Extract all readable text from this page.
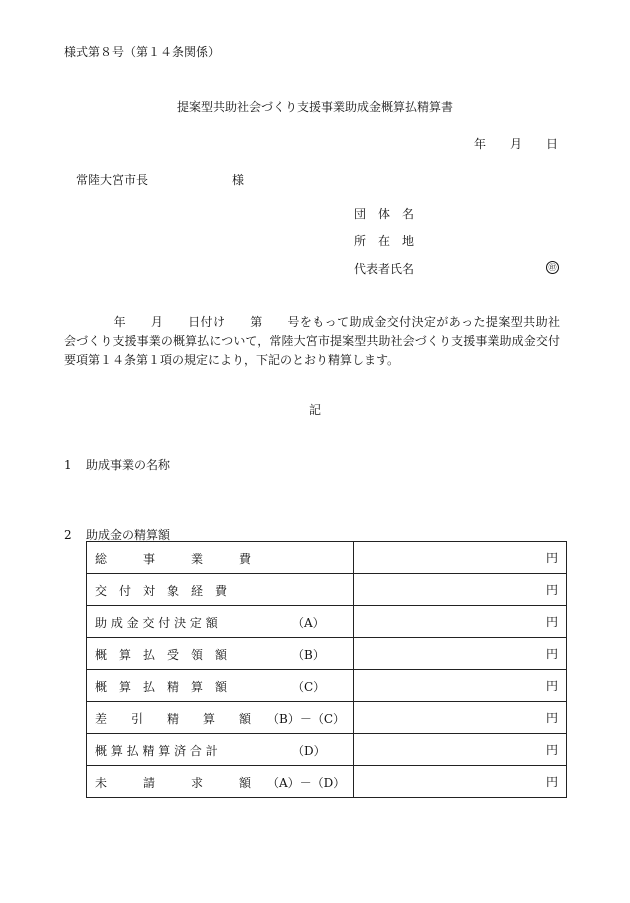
様式第８号（第１４条関係）
提案型共助社会づくり支援事業助成金概算払精算書
年 月 日
常陸大宮市長	様
団　体　名
所　在　地
代表者氏名	㊞

　　　　年　　月　　日付け　　第　　号をもって助成金交付決定があった提案型共助社

会づくり支援事業の概算払について，常陸大宮市提案型共助社会づくり支援事業助成金交付

要項第１４条第１項の規定により，下記のとおり精算します。

記
1 助成事業の名称
2 助成金の精算額
総　　　事　　　業　　　費	円

交　付　対　象　経　費	円

助 成 金 交 付 決 定 額 （A）	円

概　算　払　受　領　額 （B）	円

概　算　払　精　算　額 （C）	円

差　　引　　精　　算　　額 （B）－（C）	円

概 算 払 精 算 済 合 計 （D）	円

未　　　請　　　求　　　額 （A）－（D）	円
